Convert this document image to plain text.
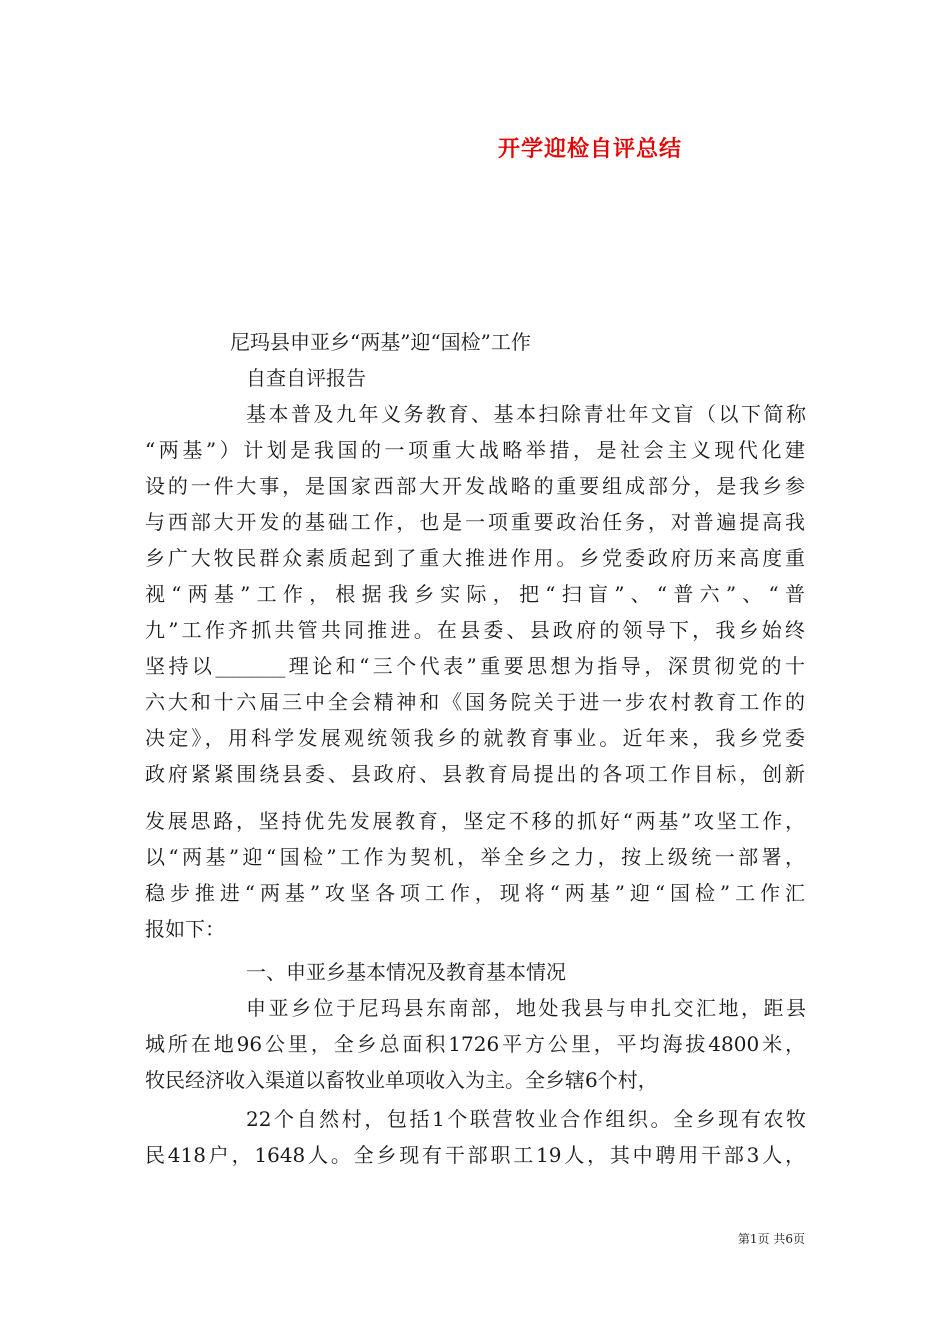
开学迎检自评总结
尼玛县申亚乡“两基”迎“国检”工作
自查自评报告
基本普及九年义务教育、基本扫除青壮年文盲（以下简称
“两基”）计划是我国的一项重大战略举措，是社会主义现代化建
设的一件大事，是国家西部大开发战略的重要组成部分，是我乡参
与西部大开发的基础工作，也是一项重要政治任务，对普遍提高我
乡广大牧民群众素质起到了重大推进作用。乡党委政府历来高度重
视“两基”工作，根据我乡实际，把“扫盲”、“普六”、“普
九”工作齐抓共管共同推进。在县委、县政府的领导下，我乡始终
坚持以_______理论和“三个代表”重要思想为指导，深贯彻党的十
六大和十六届三中全会精神和《国务院关于进一步农村教育工作的
决定》，用科学发展观统领我乡的就教育事业。近年来，我乡党委
政府紧紧围绕县委、县政府、县教育局提出的各项工作目标，创新
发展思路，坚持优先发展教育，坚定不移的抓好“两基”攻坚工作，
以“两基”迎“国检”工作为契机，举全乡之力，按上级统一部署，
稳步推进“两基”攻坚各项工作，现将“两基”迎“国检”工作汇
报如下：
一、申亚乡基本情况及教育基本情况
申亚乡位于尼玛县东南部，地处我县与申扎交汇地，距县
城所在地96公里，全乡总面积1726平方公里，平均海拔4800米，
牧民经济收入渠道以畜牧业单项收入为主。全乡辖6个村，
22个自然村，包括1个联营牧业合作组织。全乡现有农牧
民418户，1648人。全乡现有干部职工19人，其中聘用干部3人，
第1页 共6页
